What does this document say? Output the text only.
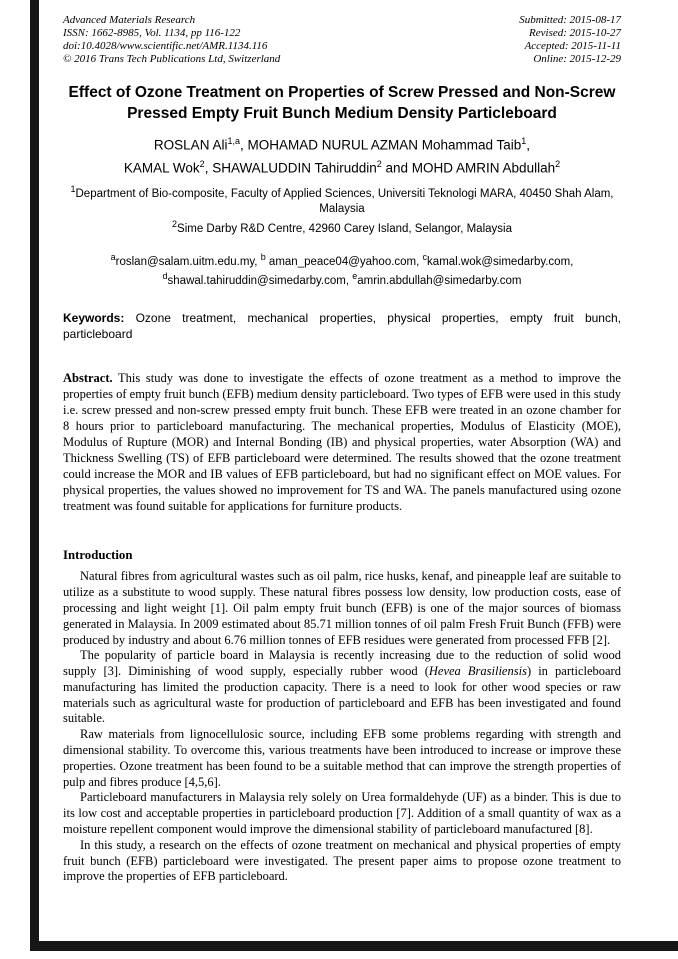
Advanced Materials Research
ISSN: 1662-8985, Vol. 1134, pp 116-122
doi:10.4028/www.scientific.net/AMR.1134.116
© 2016 Trans Tech Publications Ltd, Switzerland
Submitted: 2015-08-17
Revised: 2015-10-27
Accepted: 2015-11-11
Online: 2015-12-29
Effect of Ozone Treatment on Properties of Screw Pressed and Non-Screw Pressed Empty Fruit Bunch Medium Density Particleboard
ROSLAN Ali$^{1,a}$, MOHAMAD NURUL AZMAN Mohammad Taib$^1$,
KAMAL Wok$^2$, SHAWALUDDIN Tahiruddin$^2$ and MOHD AMRIN Abdullah$^2$
$^1$Department of Bio-composite, Faculty of Applied Sciences, Universiti Teknologi MARA, 40450 Shah Alam, Malaysia
$^2$Sime Darby R&D Centre, 42960 Carey Island, Selangor, Malaysia
$^a$roslan@salam.uitm.edu.my, $^b$ aman_peace04@yahoo.com, $^c$kamal.wok@simedarby.com,
$^d$shawal.tahiruddin@simedarby.com, $^e$amrin.abdullah@simedarby.com
Keywords: Ozone treatment, mechanical properties, physical properties, empty fruit bunch, particleboard
Abstract. This study was done to investigate the effects of ozone treatment as a method to improve the properties of empty fruit bunch (EFB) medium density particleboard. Two types of EFB were used in this study i.e. screw pressed and non-screw pressed empty fruit bunch. These EFB were treated in an ozone chamber for 8 hours prior to particleboard manufacturing. The mechanical properties, Modulus of Elasticity (MOE), Modulus of Rupture (MOR) and Internal Bonding (IB) and physical properties, water Absorption (WA) and Thickness Swelling (TS) of EFB particleboard were determined. The results showed that the ozone treatment could increase the MOR and IB values of EFB particleboard, but had no significant effect on MOE values. For physical properties, the values showed no improvement for TS and WA. The panels manufactured using ozone treatment was found suitable for applications for furniture products.
Introduction

Natural fibres from agricultural wastes such as oil palm, rice husks, kenaf, and pineapple leaf are suitable to utilize as a substitute to wood supply. These natural fibres possess low density, low production costs, ease of processing and light weight [1]. Oil palm empty fruit bunch (EFB) is one of the major sources of biomass generated in Malaysia. In 2009 estimated about 85.71 million tonnes of oil palm Fresh Fruit Bunch (FFB) were produced by industry and about 6.76 million tonnes of EFB residues were generated from processed FFB [2].

The popularity of particle board in Malaysia is recently increasing due to the reduction of solid wood supply [3]. Diminishing of wood supply, especially rubber wood (Hevea Brasiliensis) in particleboard manufacturing has limited the production capacity. There is a need to look for other wood species or raw materials such as agricultural waste for production of particleboard and EFB has been investigated and found suitable.

Raw materials from lignocellulosic source, including EFB some problems regarding with strength and dimensional stability. To overcome this, various treatments have been introduced to increase or improve these properties. Ozone treatment has been found to be a suitable method that can improve the strength properties of pulp and fibres produce [4,5,6].

Particleboard manufacturers in Malaysia rely solely on Urea formaldehyde (UF) as a binder. This is due to its low cost and acceptable properties in particleboard production [7]. Addition of a small quantity of wax as a moisture repellent component would improve the dimensional stability of particleboard manufactured [8].

In this study, a research on the effects of ozone treatment on mechanical and physical properties of empty fruit bunch (EFB) particleboard were investigated. The present paper aims to propose ozone treatment to improve the properties of EFB particleboard.
